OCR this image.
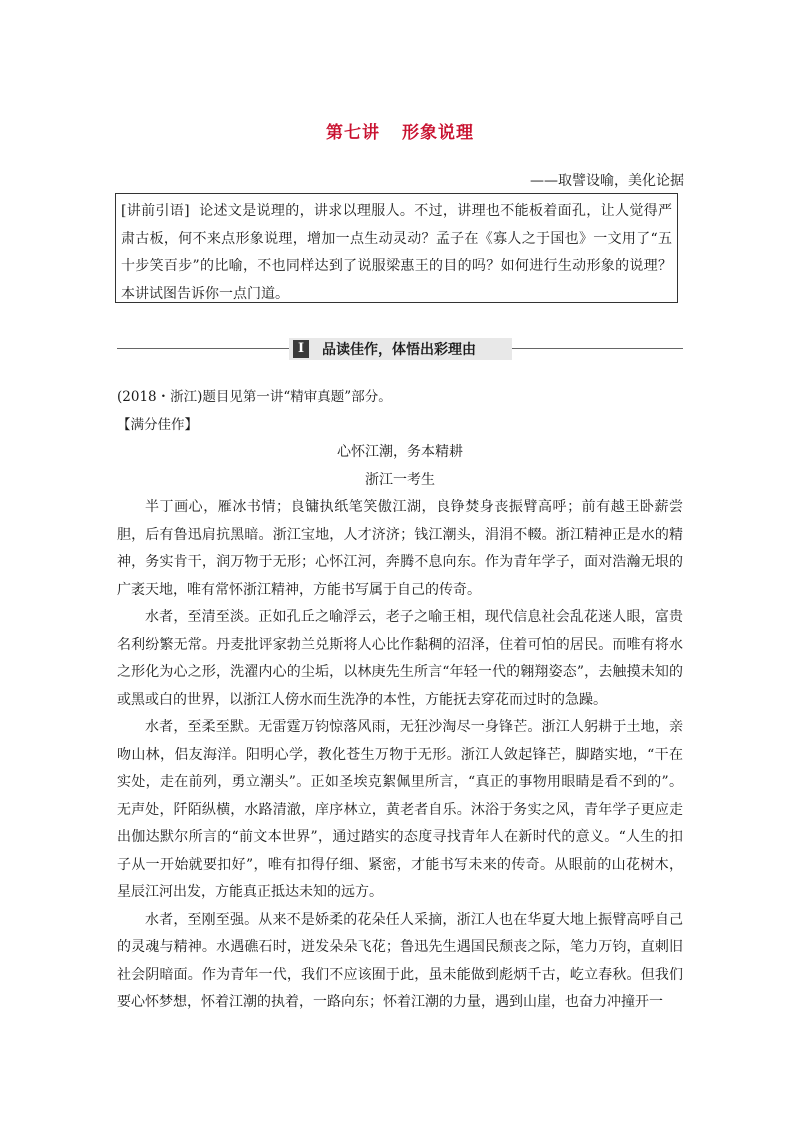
第七讲 形象说理
——取譬设喻，美化论据
[讲前引语] 论述文是说理的，讲求以理服人。不过，讲理也不能板着面孔，让人觉得严肃古板，何不来点形象说理，增加一点生动灵动？孟子在《寡人之于国也》一文用了“五十步笑百步”的比喻，不也同样达到了说服梁惠王的目的吗？如何进行生动形象的说理？本讲试图告诉你一点门道。
Ⅰ	品读佳作，体悟出彩理由
(2018・浙江)题目见第一讲“精审真题”部分。
【满分佳作】
心怀江潮，务本精耕
浙江一考生

半丁画心，雁冰书情；良镛执纸笔笑傲江湖，良铮焚身丧振臂高呼；前有越王卧薪尝胆，后有鲁迅肩抗黑暗。浙江宝地，人才济济；钱江潮头，涓涓不輟。浙江精神正是水的精神，务实肯干，润万物于无形；心怀江河，奔腾不息向东。作为青年学子，面对浩瀚无垠的广袤天地，唯有常怀浙江精神，方能书写属于自己的传奇。

水者，至清至淡。正如孔丘之喻浮云，老子之喻王相，现代信息社会乱花迷人眼，富贵名利纷繁无常。丹麦批评家勃兰兑斯将人心比作黏稠的沼泽，住着可怕的居民。而唯有将水之形化为心之形，洗濯内心的尘垢，以林庚先生所言“年轻一代的翱翔姿态”，去触摸未知的或黑或白的世界，以浙江人傍水而生洗净的本性，方能抚去穿花而过时的急躁。

水者，至柔至默。无雷霆万钧惊落风雨，无狂沙淘尽一身锋芒。浙江人躬耕于土地，亲吻山林，侣友海洋。阳明心学，教化苍生万物于无形。浙江人敛起锋芒，脚踏实地，“干在实处，走在前列，勇立潮头”。正如圣埃克絮佩里所言，“真正的事物用眼睛是看不到的”。无声处，阡陌纵横，水路清澈，庠序林立，黄老者自乐。沐浴于务实之风，青年学子更应走出伽达默尔所言的“前文本世界”，通过踏实的态度寻找青年人在新时代的意义。“人生的扣子从一开始就要扣好”，唯有扣得仔细、紧密，才能书写未来的传奇。从眼前的山花树木，星辰江河出发，方能真正抵达未知的远方。

水者，至刚至强。从来不是娇柔的花朵任人采摘，浙江人也在华夏大地上振臂高呼自己的灵魂与精神。水遇礁石时，迸发朵朵飞花；鲁迅先生遇国民颓丧之际，笔力万钧，直刺旧社会阴暗面。作为青年一代，我们不应该囿于此，虽未能做到彪炳千古，屹立春秋。但我们要心怀梦想，怀着江潮的执着，一路向东；怀着江潮的力量，遇到山崖，也奋力冲撞开一
